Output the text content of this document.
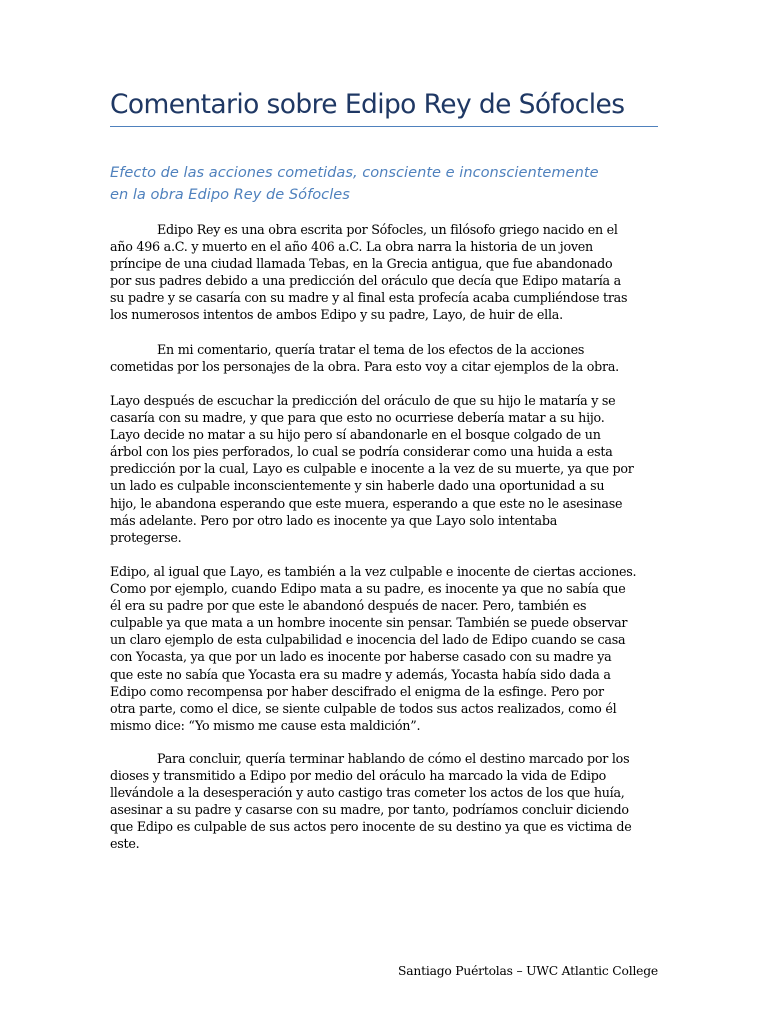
Comentario sobre Edipo Rey de Sófocles
Efecto de las acciones cometidas, consciente e inconscientemente
en la obra Edipo Rey de Sófocles
Edipo Rey es una obra escrita por Sófocles, un filósofo griego nacido en el
año 496 a.C. y muerto en el año 406 a.C. La obra narra la historia de un joven
príncipe de una ciudad llamada Tebas, en la Grecia antigua, que fue abandonado
por sus padres debido a una predicción del oráculo que decía que Edipo mataría a
su padre y se casaría con su madre y al final esta profecía acaba cumpliéndose tras
los numerosos intentos de ambos Edipo y su padre, Layo, de huir de ella.
En mi comentario, quería tratar el tema de los efectos de la acciones
cometidas por los personajes de la obra. Para esto voy a citar ejemplos de la obra.
Layo después de escuchar la predicción del oráculo de que su hijo le mataría y se
casaría con su madre, y que para que esto no ocurriese debería matar a su hijo.
Layo decide no matar a su hijo pero sí abandonarle en el bosque colgado de un
árbol con los pies perforados, lo cual se podría considerar como una huida a esta
predicción por la cual, Layo es culpable e inocente a la vez de su muerte, ya que por
un lado es culpable inconscientemente y sin haberle dado una oportunidad a su
hijo, le abandona esperando que este muera, esperando a que este no le asesinase
más adelante. Pero por otro lado es inocente ya que Layo solo intentaba
protegerse.
Edipo, al igual que Layo, es también a la vez culpable e inocente de ciertas acciones.
Como por ejemplo, cuando Edipo mata a su padre, es inocente ya que no sabía que
él era su padre por que este le abandonó después de nacer. Pero, también es
culpable ya que mata a un hombre inocente sin pensar. También se puede observar
un claro ejemplo de esta culpabilidad e inocencia del lado de Edipo cuando se casa
con Yocasta, ya que por un lado es inocente por haberse casado con su madre ya
que este no sabía que Yocasta era su madre y además, Yocasta había sido dada a
Edipo como recompensa por haber descifrado el enigma de la esfinge. Pero por
otra parte, como el dice, se siente culpable de todos sus actos realizados, como él
mismo dice: “Yo mismo me cause esta maldición”.
Para concluir, quería terminar hablando de cómo el destino marcado por los
dioses y transmitido a Edipo por medio del oráculo ha marcado la vida de Edipo
llevándole a la desesperación y auto castigo tras cometer los actos de los que huía,
asesinar a su padre y casarse con su madre, por tanto, podríamos concluir diciendo
que Edipo es culpable de sus actos pero inocente de su destino ya que es victima de
este.
Santiago Puértolas – UWC Atlantic College
